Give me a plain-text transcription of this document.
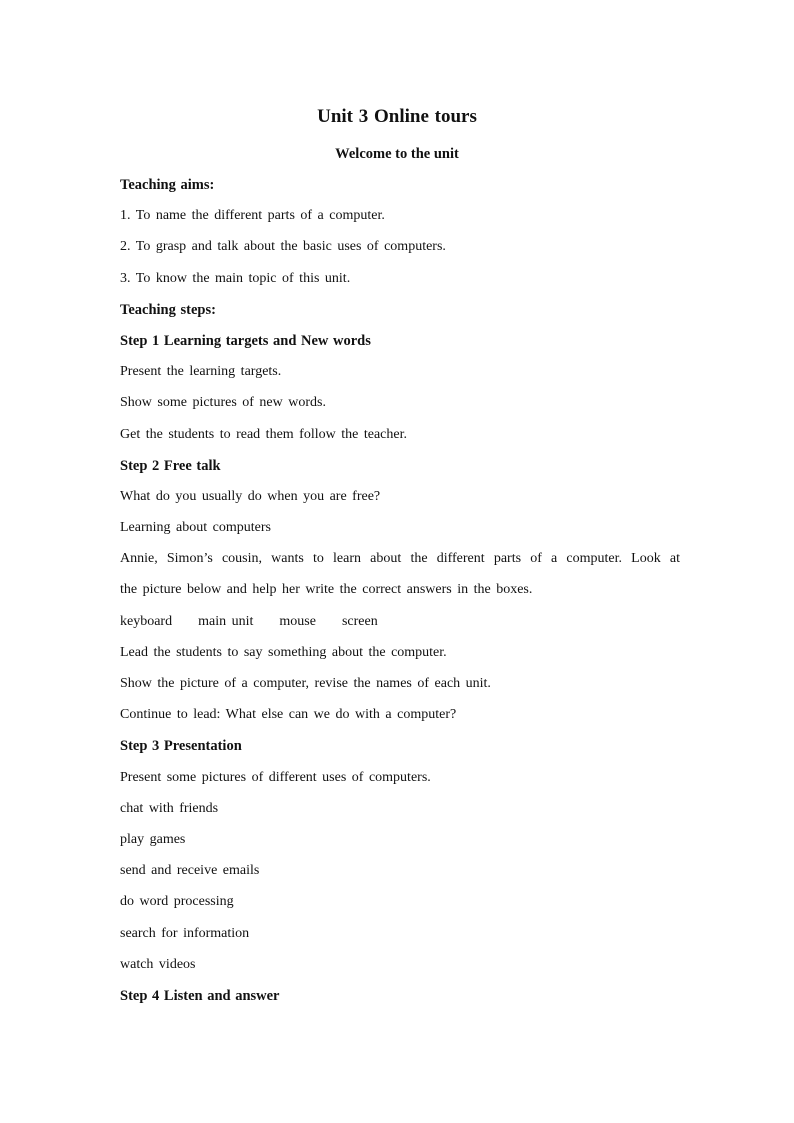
Unit 3 Online tours
Welcome to the unit
Teaching aims:
1. To name the different parts of a computer.
2. To grasp and talk about the basic uses of computers.
3. To know the main topic of this unit.
Teaching steps:
Step 1 Learning targets and New words
Present the learning targets.
Show some pictures of new words.
Get the students to read them follow the teacher.
Step 2 Free talk
What do you usually do when you are free?
Learning about computers
Annie, Simon’s cousin, wants to learn about the different parts of a computer. Look at
the picture below and help her write the correct answers in the boxes.
keyboard main unit mouse screen
Lead the students to say something about the computer.
Show the picture of a computer, revise the names of each unit.
Continue to lead: What else can we do with a computer?
Step 3 Presentation
Present some pictures of different uses of computers.
chat with friends
play games
send and receive emails
do word processing
search for information
watch videos
Step 4 Listen and answer
